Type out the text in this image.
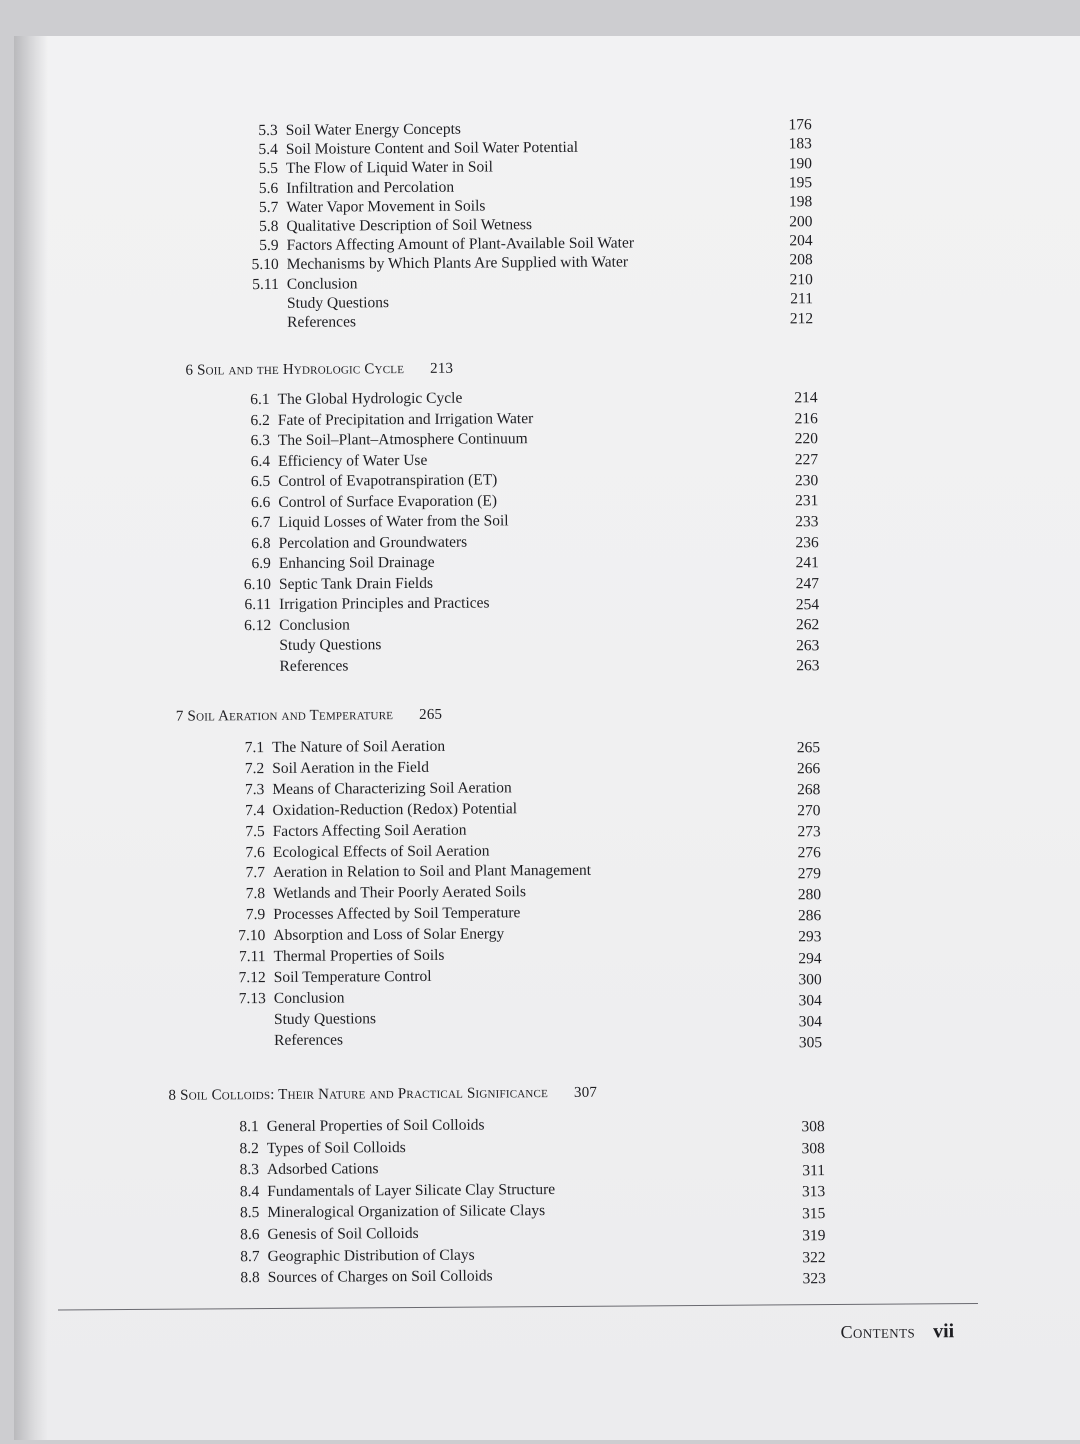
Contents vii
5.3 Soil Water Energy Concepts	176
5.4 Soil Moisture Content and Soil Water Potential	183
5.5 The Flow of Liquid Water in Soil	190
5.6 Infiltration and Percolation	195
5.7 Water Vapor Movement in Soils	198
5.8 Qualitative Description of Soil Wetness	200
5.9 Factors Affecting Amount of Plant-Available Soil Water	204
5.10 Mechanisms by Which Plants Are Supplied with Water	208
5.11 Conclusion	210
Study Questions	211
References	212
6 Soil and the Hydrologic Cycle 213
6.1 The Global Hydrologic Cycle	214
6.2 Fate of Precipitation and Irrigation Water	216
6.3 The Soil–Plant–Atmosphere Continuum	220
6.4 Efficiency of Water Use	227
6.5 Control of Evapotranspiration (ET)	230
6.6 Control of Surface Evaporation (E)	231
6.7 Liquid Losses of Water from the Soil	233
6.8 Percolation and Groundwaters	236
6.9 Enhancing Soil Drainage	241
6.10 Septic Tank Drain Fields	247
6.11 Irrigation Principles and Practices	254
6.12 Conclusion	262
Study Questions	263
References	263
7 Soil Aeration and Temperature 265
7.1 The Nature of Soil Aeration	265
7.2 Soil Aeration in the Field	266
7.3 Means of Characterizing Soil Aeration	268
7.4 Oxidation-Reduction (Redox) Potential	270
7.5 Factors Affecting Soil Aeration	273
7.6 Ecological Effects of Soil Aeration	276
7.7 Aeration in Relation to Soil and Plant Management	279
7.8 Wetlands and Their Poorly Aerated Soils	280
7.9 Processes Affected by Soil Temperature	286
7.10 Absorption and Loss of Solar Energy	293
7.11 Thermal Properties of Soils	294
7.12 Soil Temperature Control	300
7.13 Conclusion	304
Study Questions	304
References	305
8 Soil Colloids: Their Nature and Practical Significance 307
8.1 General Properties of Soil Colloids	308
8.2 Types of Soil Colloids	308
8.3 Adsorbed Cations	311
8.4 Fundamentals of Layer Silicate Clay Structure	313
8.5 Mineralogical Organization of Silicate Clays	315
8.6 Genesis of Soil Colloids	319
8.7 Geographic Distribution of Clays	322
8.8 Sources of Charges on Soil Colloids	323
